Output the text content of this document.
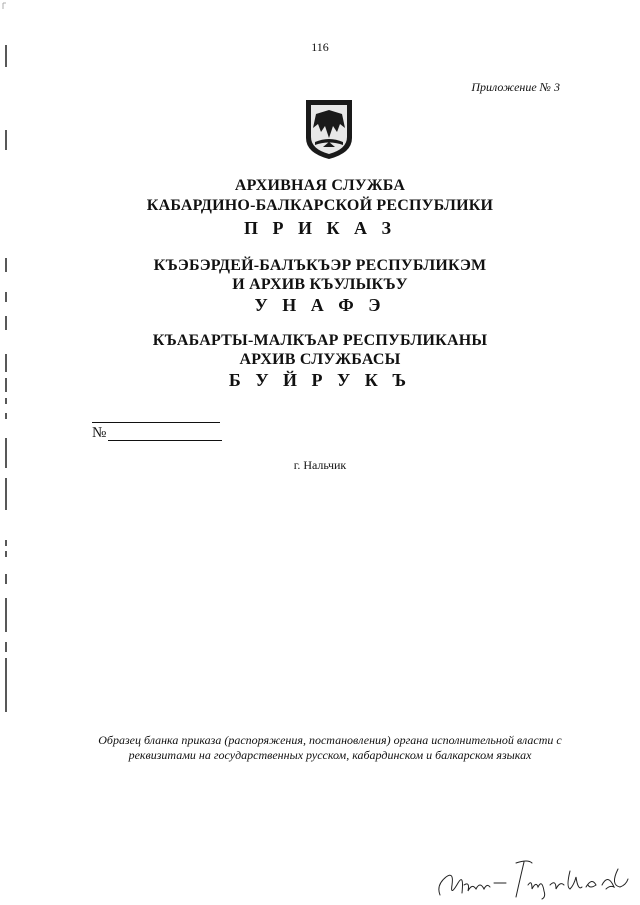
116
Приложение № 3
АРХИВНАЯ СЛУЖБА
КАБАРДИНО-БАЛКАРСКОЙ РЕСПУБЛИКИ
П Р И К А З
КЪЭБЭРДЕЙ-БАЛЪКЪЭР РЕСПУБЛИКЭМ
И АРХИВ КЪУЛЫКЪУ
У Н А Ф Э
КЪАБАРТЫ-МАЛКЪАР РЕСПУБЛИКАНЫ
АРХИВ СЛУЖБАСЫ
Б У Й Р У К Ъ
№
г. Нальчик
Образец бланка приказа (распоряжения, постановления) органа исполнительной власти с реквизитами на государственных русском, кабардинском и балкарском языках
